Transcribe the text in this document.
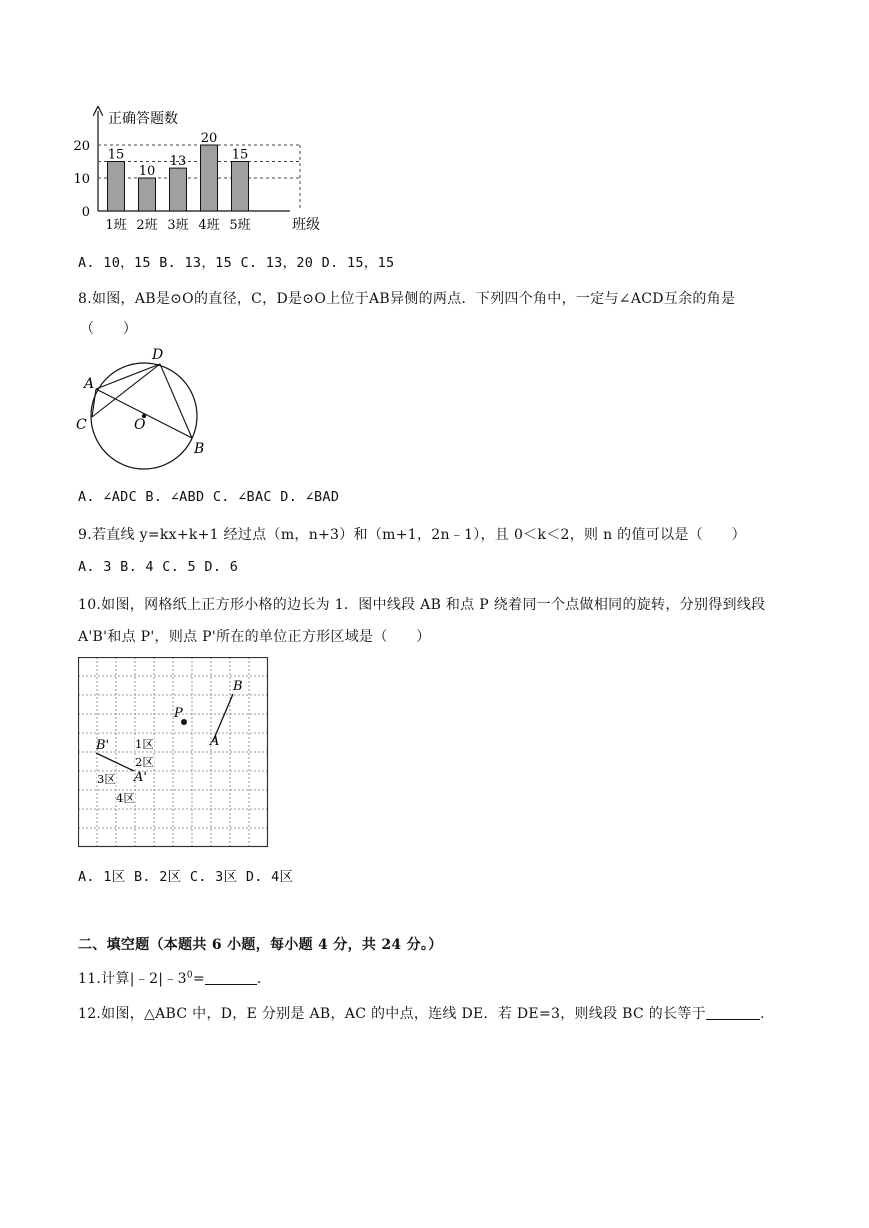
15
1班
10
2班
13
3班
20
4班
15
5班
0
10
20
正确答题数
班级
A. 10，15 B. 13，15 C. 13，20 D. 15，15
8.如图，AB是⊙O的直径，C，D是⊙O上位于AB异侧的两点．下列四个角中，一定与∠ACD互余的角是
（　　）
A
D
C	O
B
A. ∠ADC B. ∠ABD C. ∠BAC D. ∠BAD
9.若直线 y=kx+k+1 经过点（m，n+3）和（m+1，2n﹣1），且 0＜k＜2，则 n 的值可以是（　　）
A. 3 B. 4 C. 5 D. 6
10.如图，网格纸上正方形小格的边长为 1．图中线段 AB 和点 P 绕着同一个点做相同的旋转，分别得到线段
A'B'和点 P'，则点 P'所在的单位正方形区域是（　　）
P
A
B
B'
A'
1区
2区
3区
4区
A. 1区 B. 2区 C. 3区 D. 4区
二、填空题（本题共 6 小题，每小题 4 分，共 24 分。）
11.计算$|﹣2|﹣3^0=$	.
12.如图，△ABC 中，D，E 分别是 AB，AC 的中点，连线 DE．若 DE=3，则线段 BC 的长等于	.
